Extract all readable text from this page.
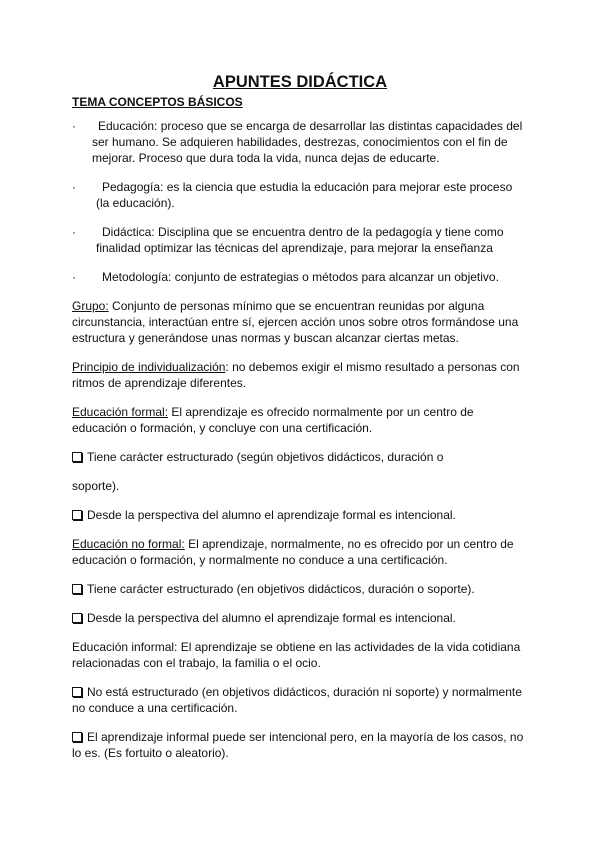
APUNTES DIDÁCTICA

TEMA CONCEPTOS BÁSICOS

·	Educación: proceso que se encarga de desarrollar las distintas capacidades del
ser humano. Se adquieren habilidades, destrezas, conocimientos con el fin de mejorar. Proceso que dura toda la vida, nunca dejas de educarte.
·	Pedagogía: es la ciencia que estudia la educación para mejorar este proceso
(la educación).
·	Didáctica: Disciplina que se encuentra dentro de la pedagogía y tiene como
finalidad optimizar las técnicas del aprendizaje, para mejorar la enseñanza
·	Metodología: conjunto de estrategias o métodos para alcanzar un objetivo.

Grupo: Conjunto de personas mínimo que se encuentran reunidas por alguna circunstancia, interactúan entre sí, ejercen acción unos sobre otros formándose una estructura y generándose unas normas y buscan alcanzar ciertas metas.

Principio de individualización: no debemos exigir el mismo resultado a personas con ritmos de aprendizaje diferentes.

Educación formal: El aprendizaje es ofrecido normalmente por un centro de educación o formación, y concluye con una certificación.

Tiene carácter estructurado (según objetivos didácticos, duración o

soporte).

Desde la perspectiva del alumno el aprendizaje formal es intencional.

Educación no formal: El aprendizaje, normalmente, no es ofrecido por un centro de educación o formación, y normalmente no conduce a una certificación.

Tiene carácter estructurado (en objetivos didácticos, duración o soporte).

Desde la perspectiva del alumno el aprendizaje formal es intencional.

Educación informal: El aprendizaje se obtiene en las actividades de la vida cotidiana relacionadas con el trabajo, la familia o el ocio.

No está estructurado (en objetivos didácticos, duración ni soporte) y normalmente no conduce a una certificación.

El aprendizaje informal puede ser intencional pero, en la mayoría de los casos, no lo es. (Es fortuito o aleatorio).
